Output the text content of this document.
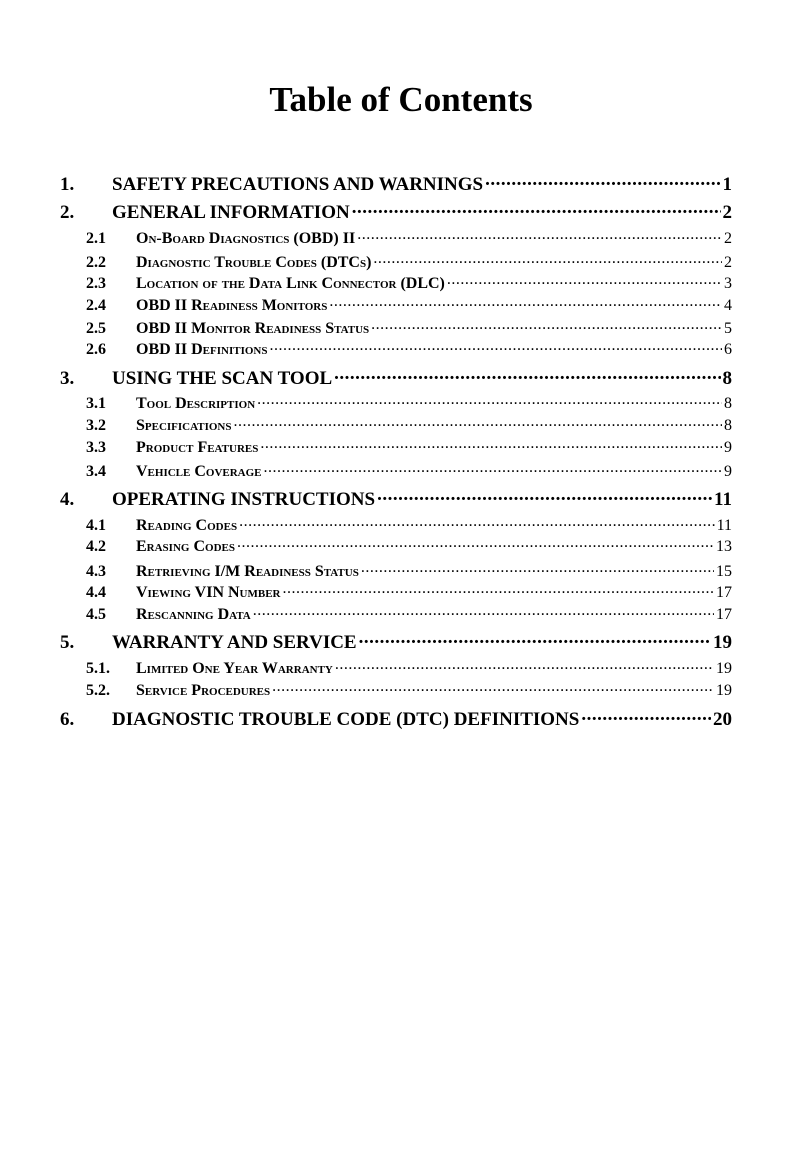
Table of Contents
1.	SAFETY PRECAUTIONS AND WARNINGS .....	1
2.	GENERAL INFORMATION .....	2
2.1	On-Board Diagnostics (OBD) II .....	2
2.2	Diagnostic Trouble Codes (DTCs) .....	2
2.3	Location of the Data Link Connector (DLC) .....	3
2.4	OBD II Readiness Monitors .....	4
2.5	OBD II Monitor Readiness Status .....	5
2.6	OBD II Definitions .....	6
3.	USING THE SCAN TOOL .....	8
3.1	Tool Description .....	8
3.2	Specifications .....	8
3.3	Product Features .....	9
3.4	Vehicle Coverage .....	9
4.	OPERATING INSTRUCTIONS .....	11
4.1	Reading Codes .....	11
4.2	Erasing Codes .....	13
4.3	Retrieving I/M Readiness Status .....	15
4.4	Viewing VIN Number .....	17
4.5	Rescanning Data .....	17
5.	WARRANTY AND SERVICE .....	19
5.1.	Limited One Year Warranty .....	19
5.2.	Service Procedures .....	19
6.	DIAGNOSTIC TROUBLE CODE (DTC) DEFINITIONS .....	20
